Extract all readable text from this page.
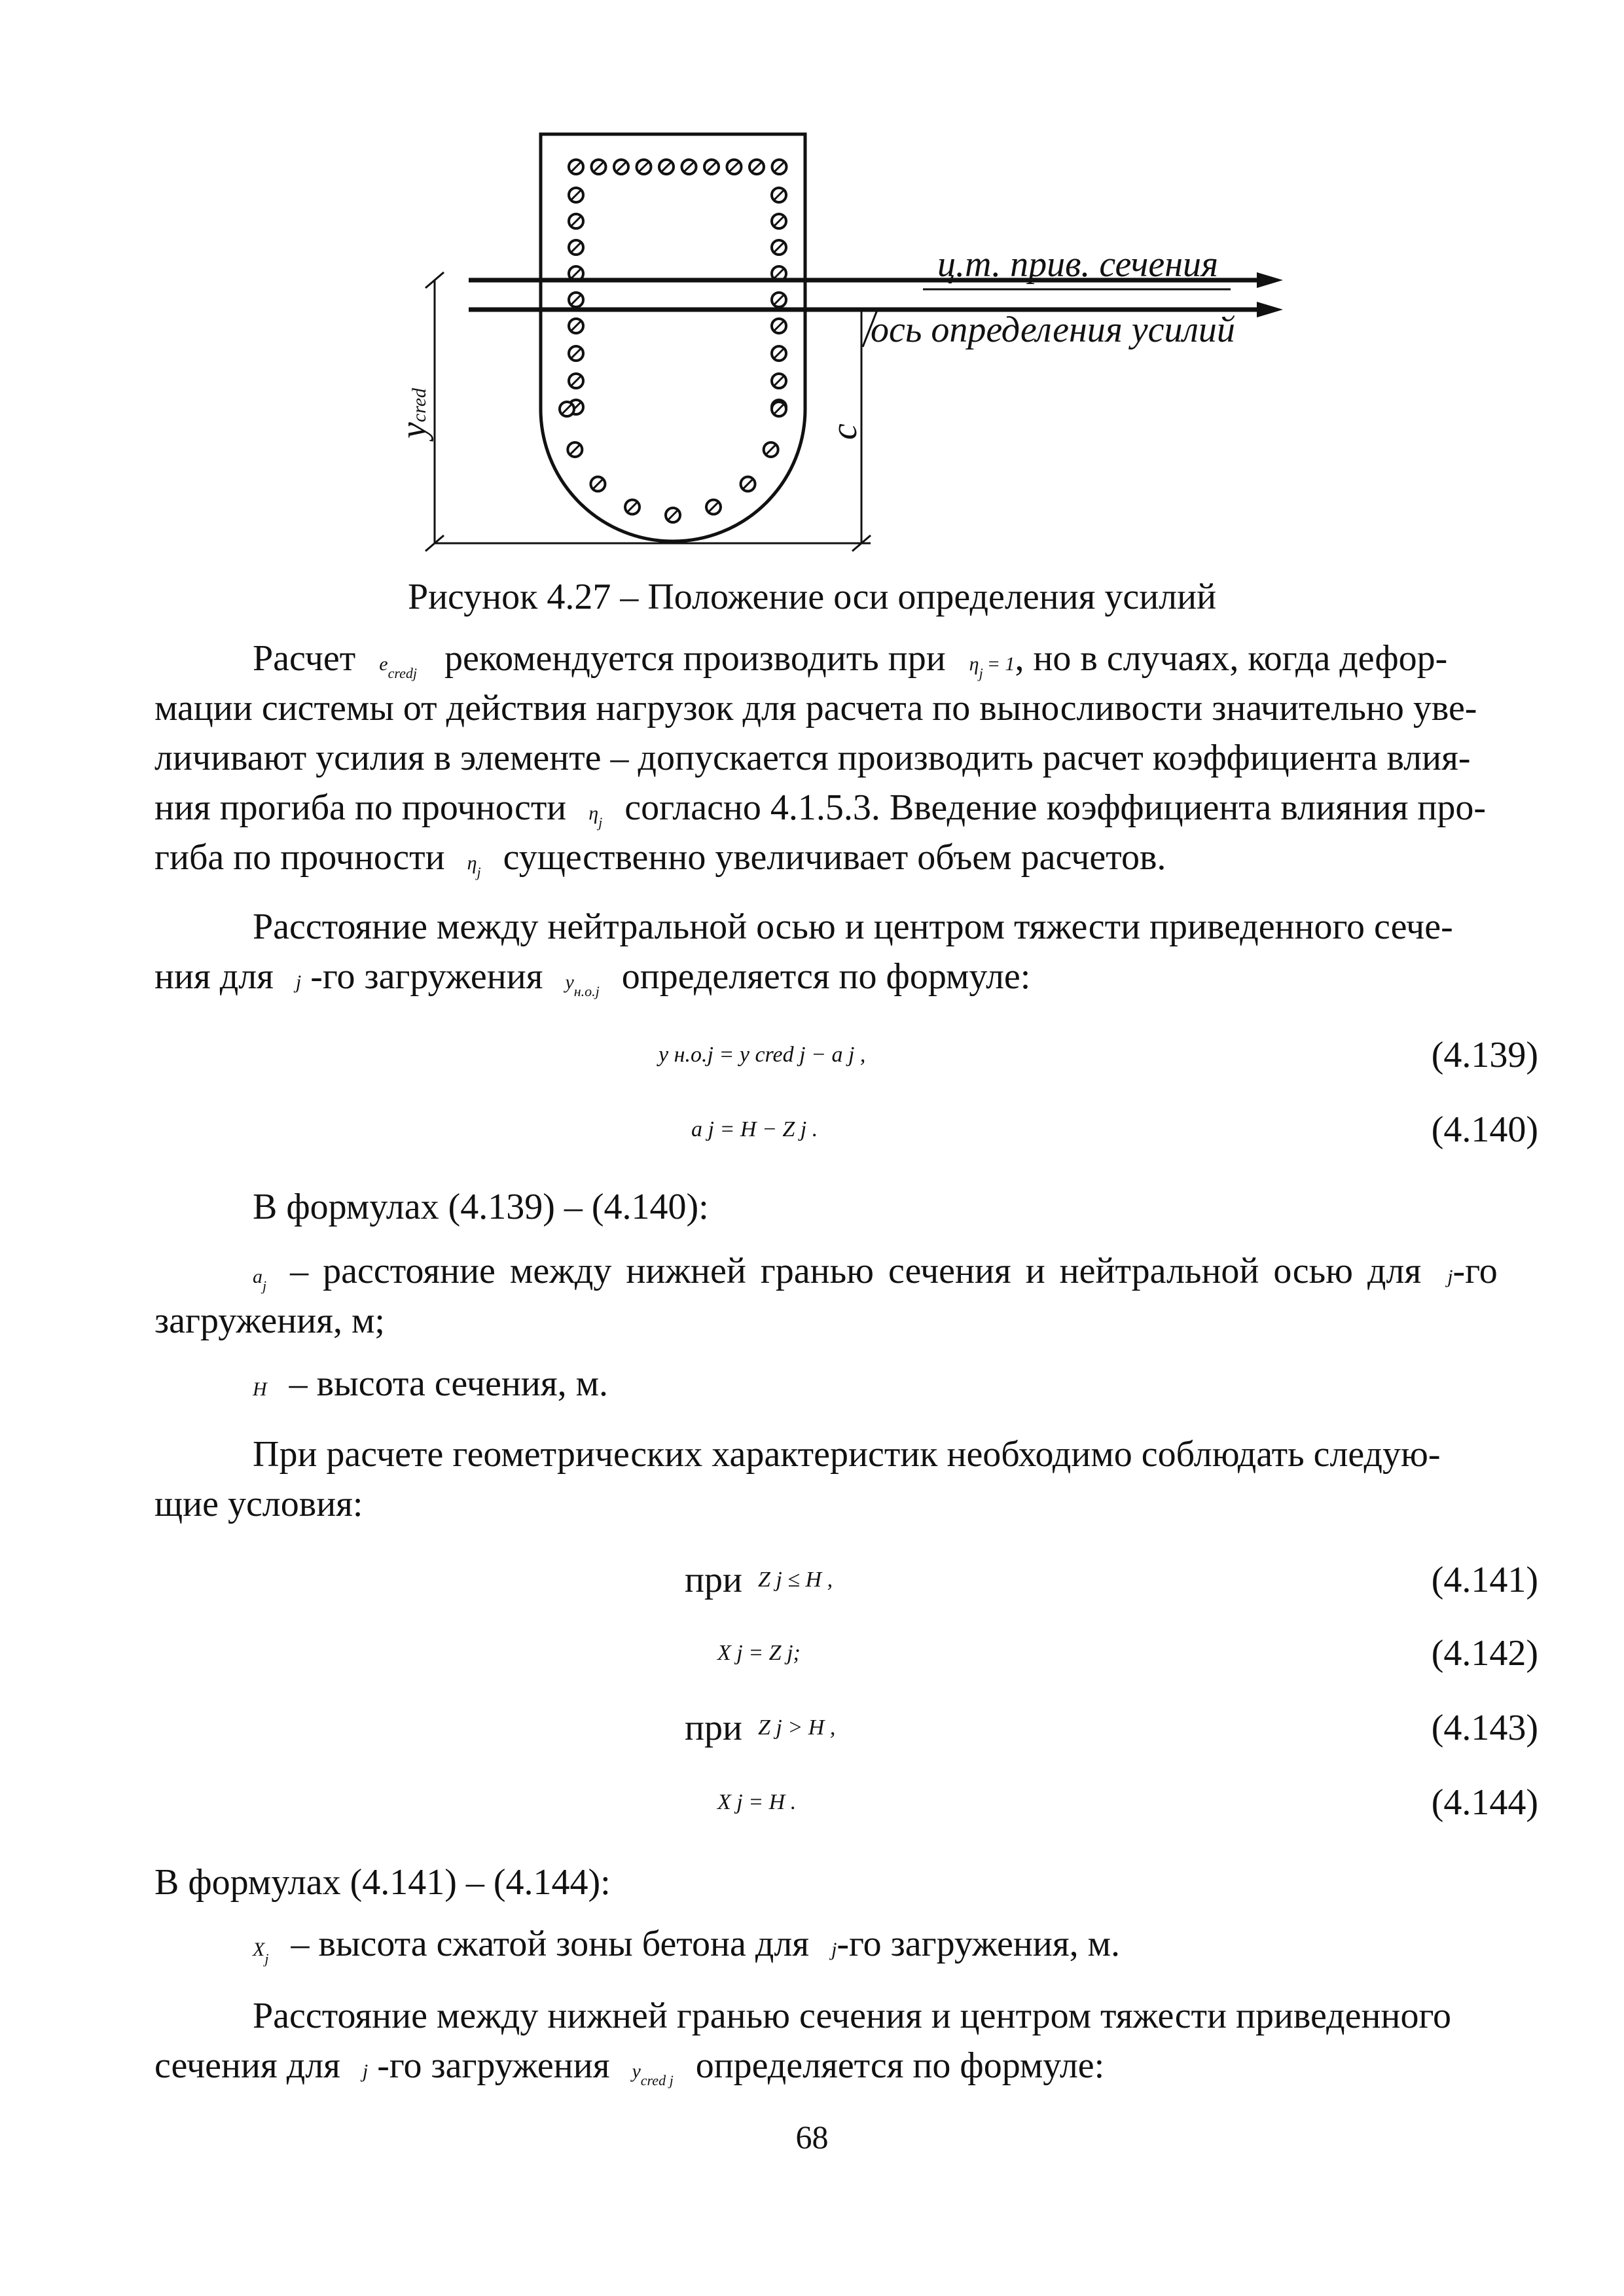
ц.т. прив. сечения
ось определения усилий
ycred
c
Рисунок 4.27 – Положение оси определения усилий
Расчет $e_{credj}$ рекомендуется производить при $\eta_j = 1$, но в случаях, когда дефор-
мации системы от действия нагрузок для расчета по выносливости значительно уве-
личивают усилия в элементе – допускается производить расчет коэффициента влия-
ния прогиба по прочности $\eta_j$ согласно 4.1.5.3. Введение коэффициента влияния про-
гиба по прочности $\eta_j$ существенно увеличивает объем расчетов.
Расстояние между нейтральной осью и центром тяжести приведенного сече-
ния для j -го загружения $y_{н.о.j}$ определяется по формуле:
y н.о.j = y cred j − a j ,	(4.139)
a j = H − Z j .	(4.140)
В формулах (4.139) – (4.140):
$a_j$ – расстояние между нижней гранью сечения и нейтральной осью для j-го
загружения, м;
H – высота сечения, м.
При расчете геометрических характеристик необходимо соблюдать следую-
щие условия:
при Z j ≤ H ,	(4.141)
X j = Z j;	(4.142)
при Z j > H ,	(4.143)
X j = H .	(4.144)
В формулах (4.141) – (4.144):
$X_j$ – высота сжатой зоны бетона для j-го загружения, м.
Расстояние между нижней гранью сечения и центром тяжести приведенного
сечения для j -го загружения $y_{cred j}$ определяется по формуле:
68
